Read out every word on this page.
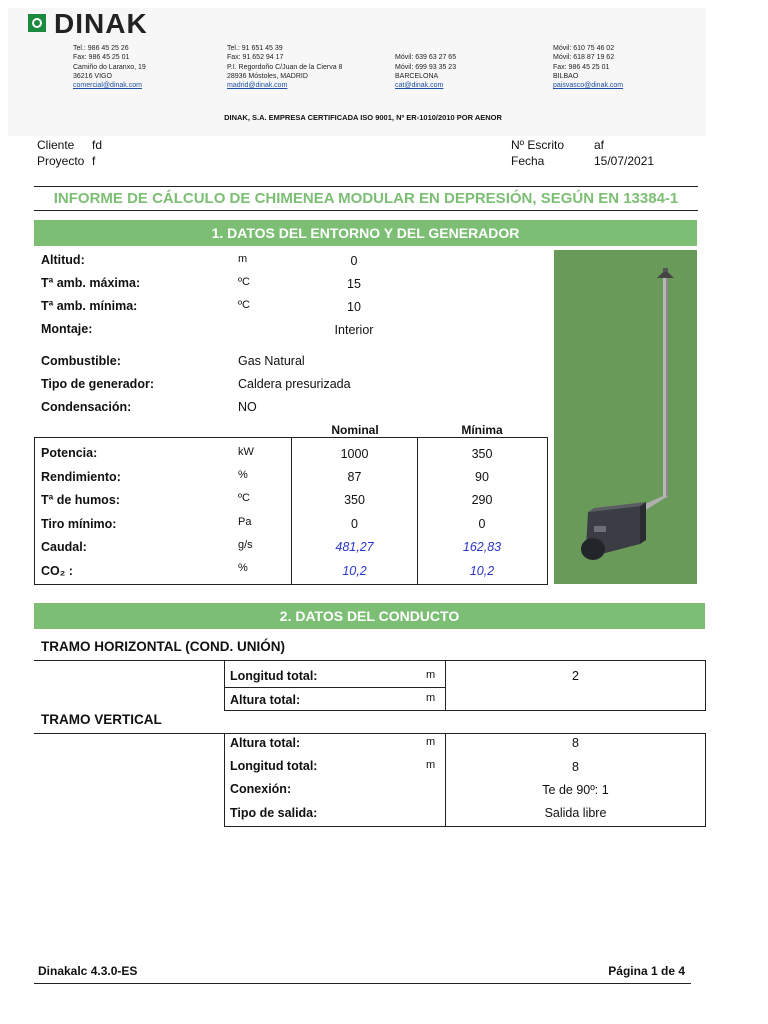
DINAK
Tel.: 986 45 25 26
Fax: 986 45 25 01
Camiño do Laranxo, 19
36216 VIGO
comercial@dinak.com
Tel.: 91 651 45 39
Fax: 91 652 94 17
P.I. Regordoño C/Juan de la Cierva 8
28936 Móstoles, MADRID
madrid@dinak.com
Móvil: 639 63 27 65
Móvil: 699 93 35 23
BARCELONA
cat@dinak.com
Móvil: 610 75 46 02
Móvil: 618 87 19 62
Fax: 986 45 25 01
BILBAO
paisvasco@dinak.com
DINAK, S.A. EMPRESA CERTIFICADA ISO 9001, Nº ER-1010/2010 POR AENOR
Cliente fd
Proyecto f
Nº Escrito af
Fecha	15/07/2021
INFORME DE CÁLCULO DE CHIMENEA MODULAR EN DEPRESIÓN, SEGÚN EN 13384-1
1. DATOS DEL ENTORNO Y DEL GENERADOR
Altitud:	m	0
Tª amb. máxima:	ºC	15
Tª amb. mínima:	ºC	10
Montaje:	Interior
Combustible:	Gas Natural
Tipo de generador:	Caldera presurizada
Condensación:	NO
Nominal	Mínima
Potencia:	kW	1000	350
Rendimiento:	%	87	90
Tª de humos:	ºC	350	290
Tiro mínimo:	Pa	0	0
Caudal:	g/s	481,27	162,83
CO₂ :	%	10,2	10,2
2. DATOS DEL CONDUCTO
TRAMO HORIZONTAL (COND. UNIÓN)
Longitud total:	m	2
Altura total:	m
TRAMO VERTICAL
Altura total:	m	8
Longitud total:	m	8
Conexión:	Te de 90º: 1
Tipo de salida:	Salida libre
Dinakalc 4.3.0-ES	Página 1 de 4
